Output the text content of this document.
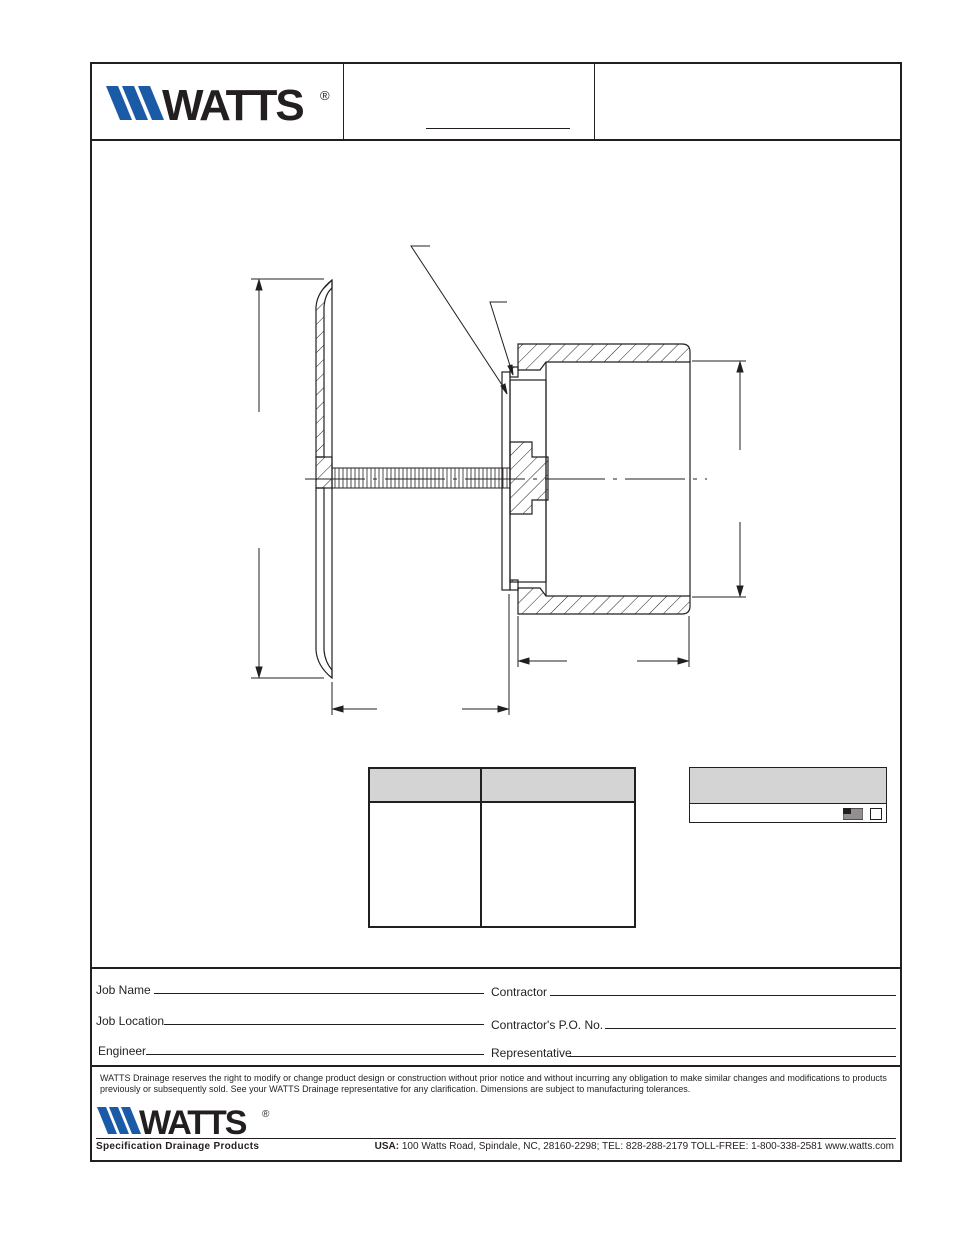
WATTS ®
Job Name
Job Location
Engineer
Contractor
Contractor's P.O. No.
Representative
WATTS Drainage reserves the right to modify or change product design or construction without prior notice and without incurring any obligation to make similar changes and modifications to products previously or subsequently sold. See your WATTS Drainage representative for any clarification. Dimensions are subject to manufacturing tolerances.
WATTS ®
Specification Drainage Products	USA: 100 Watts Road, Spindale, NC, 28160-2298; TEL: 828-288-2179 TOLL-FREE: 1-800-338-2581 www.watts.com
